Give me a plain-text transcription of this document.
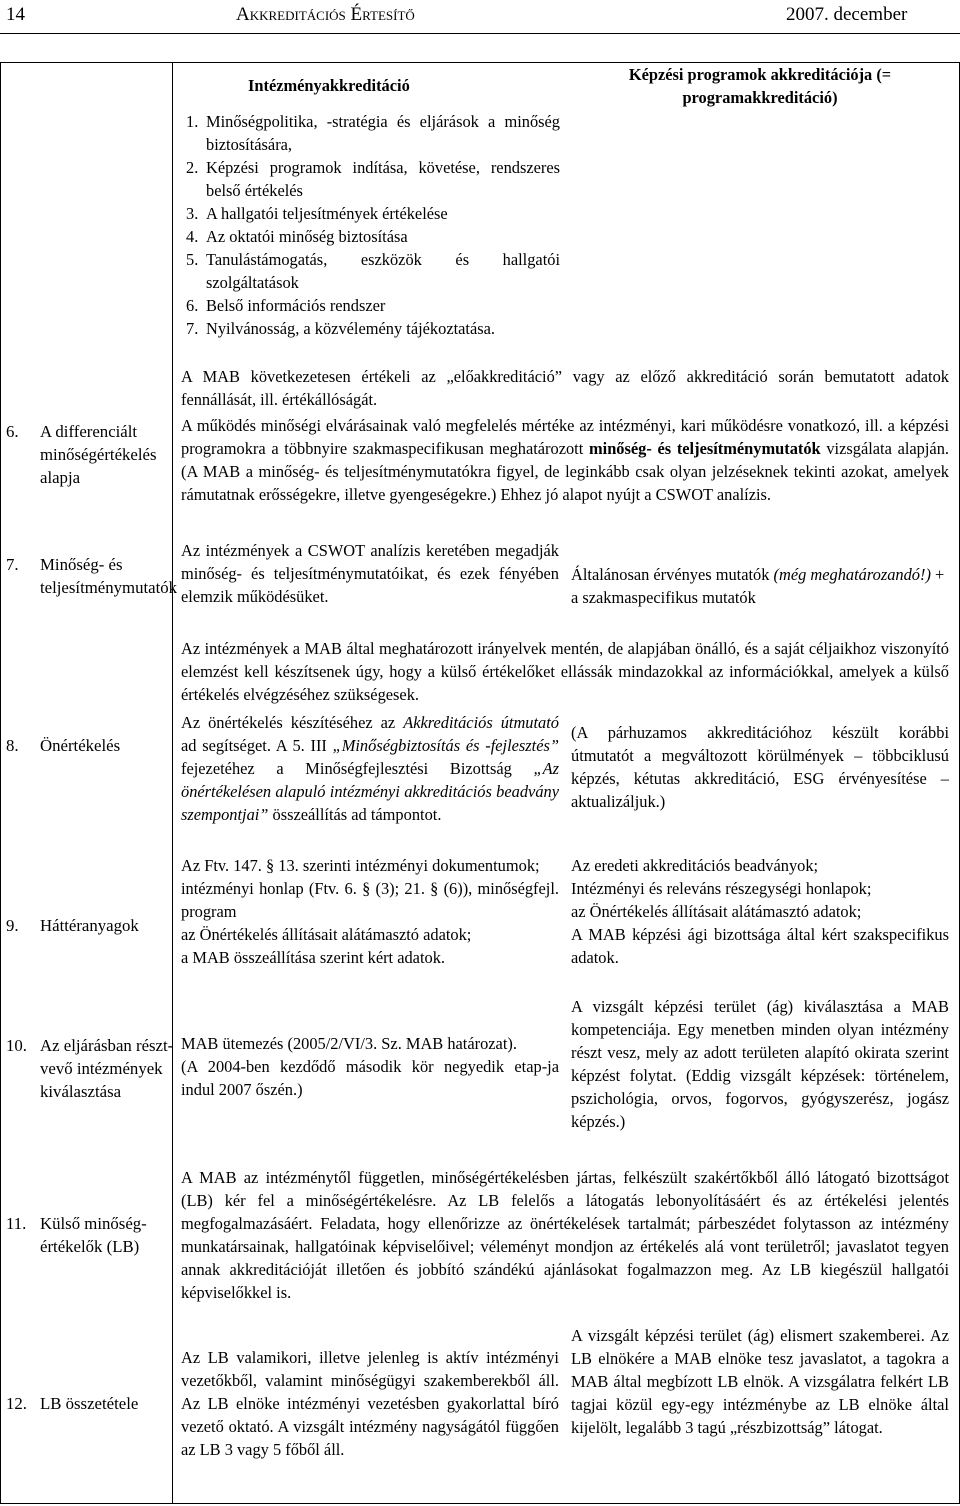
14	Akkreditációs Értesítő	2007. december
Intézményakkreditáció
Képzési programok akkreditációja (= programakkreditáció)
1. Minőségpolitika, -stratégia és eljárások a minőség biztosítására,
2. Képzési programok indítása, követése, rendszeres belső értékelés
3. A hallgatói teljesítmények értékelése
4. Az oktatói minőség biztosítása
5. Tanulástámogatás, eszközök és hallgatói szolgáltatások
6. Belső információs rendszer
7. Nyilvánosság, a közvélemény tájékoztatása.
6. A differenciált minőségértékelés alapja
7. Minőség- és teljesítménymutatók
8. Önértékelés
9. Háttéranyagok
10. Az eljárásban részt-vevő intézmények kiválasztása
11. Külső minőség-értékelők (LB)
12. LB összetétele
A MAB következetesen értékeli az „előakkreditáció” vagy az előző akkreditáció során bemutatott adatok fennállását, ill. értékállóságát.
A működés minőségi elvárásainak való megfelelés mértéke az intézményi, kari működésre vonatkozó, ill. a képzési programokra a többnyire szakmaspecifikusan meghatározott minőség- és teljesítménymutatók vizsgálata alapján. (A MAB a minőség- és teljesítménymutatókra figyel, de leginkább csak olyan jelzéseknek tekinti azokat, amelyek rámutatnak erősségekre, illetve gyengeségekre.) Ehhez jó alapot nyújt a CSWOT analízis.
Az intézmények a CSWOT analízis keretében megadják minőség- és teljesítménymutatóikat, és ezek fényében elemzik működésüket.
Általánosan érvényes mutatók (még meghatározandó!) + a szakmaspecifikus mutatók
Az intézmények a MAB által meghatározott irányelvek mentén, de alapjában önálló, és a saját céljaikhoz viszonyító elemzést kell készítsenek úgy, hogy a külső értékelőket ellássák mindazokkal az információkkal, amelyek a külső értékelés elvégzéséhez szükségesek.
Az önértékelés készítéséhez az Akkreditációs útmutató ad segítséget. A 5. III „Minőségbiztosítás és -fejlesztés” fejezetéhez a Minőségfejlesztési Bizottság „Az önértékelésen alapuló intézményi akkreditációs beadvány szempontjai” összeállítás ad támpontot.
(A párhuzamos akkreditációhoz készült korábbi útmutatót a megváltozott körülmények – többciklusú képzés, kétutas akkreditáció, ESG érvényesítése – aktualizáljuk.)
Az Ftv. 147. § 13. szerinti intézményi dokumentumok;
intézményi honlap (Ftv. 6. § (3); 21. § (6)), minőségfejl. program
az Önértékelés állításait alátámasztó adatok;
a MAB összeállítása szerint kért adatok.
Az eredeti akkreditációs beadványok;
Intézményi és releváns részegységi honlapok;
az Önértékelés állításait alátámasztó adatok;
A MAB képzési ági bizottsága által kért szakspecifikus adatok.
MAB ütemezés (2005/2/VI/3. Sz. MAB határozat).
(A 2004-ben kezdődő második kör negyedik etap-ja indul 2007 őszén.)
A vizsgált képzési terület (ág) kiválasztása a MAB kompetenciája. Egy menetben minden olyan intézmény részt vesz, mely az adott területen alapító okirata szerint képzést folytat. (Eddig vizsgált képzések: történelem, pszichológia, orvos, fogorvos, gyógyszerész, jogász képzés.)
A MAB az intézménytől független, minőségértékelésben jártas, felkészült szakértőkből álló látogató bizottságot (LB) kér fel a minőségértékelésre. Az LB felelős a látogatás lebonyolításáért és az értékelési jelentés megfogalmazásáért. Feladata, hogy ellenőrizze az önértékelések tartalmát; párbeszédet folytasson az intézmény munkatársainak, hallgatóinak képviselőivel; véleményt mondjon az értékelés alá vont területről; javaslatot tegyen annak akkreditációját illetően és jobbító szándékú ajánlásokat fogalmazzon meg. Az LB kiegészül hallgatói képviselőkkel is.
Az LB valamikori, illetve jelenleg is aktív intézményi vezetőkből, valamint minőségügyi szakemberekből áll. Az LB elnöke intézményi vezetésben gyakorlattal bíró vezető oktató. A vizsgált intézmény nagyságától függően az LB 3 vagy 5 főből áll.
A vizsgált képzési terület (ág) elismert szakemberei. Az LB elnökére a MAB elnöke tesz javaslatot, a tagokra a MAB által megbízott LB elnök. A vizsgálatra felkért LB tagjai közül egy-egy intézménybe az LB elnöke által kijelölt, legalább 3 tagú „részbizottság” látogat.
